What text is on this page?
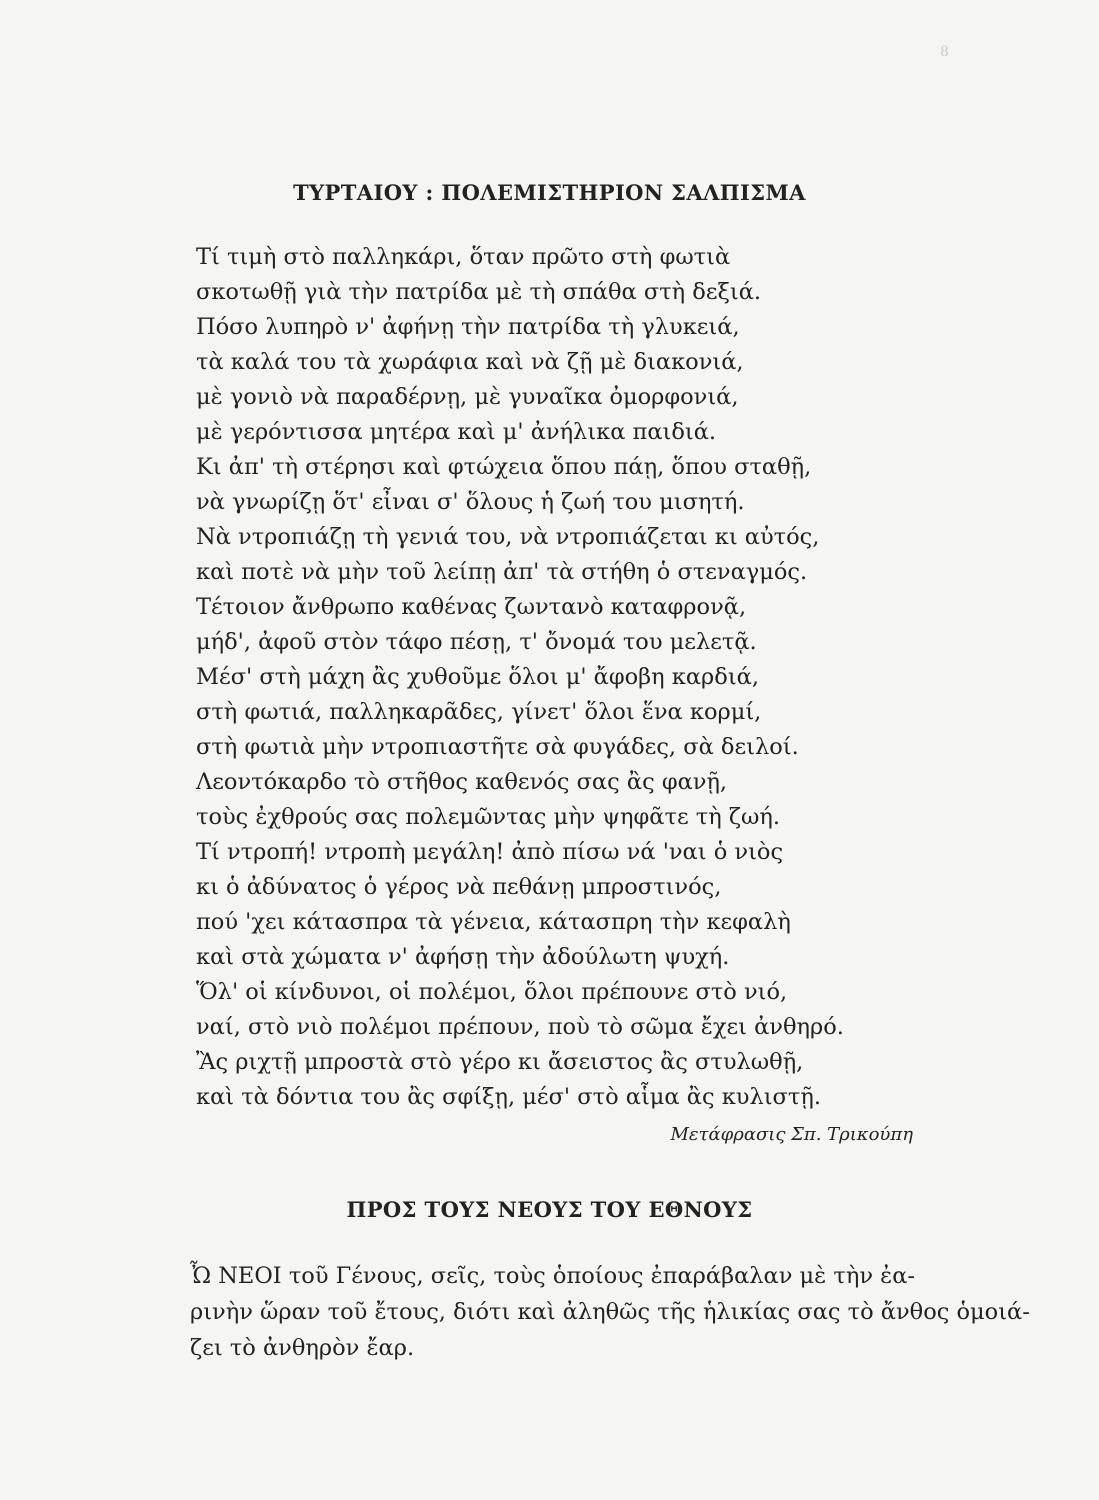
8
ΤΥΡΤΑΙΟΥ : ΠΟΛΕΜΙΣΤΗΡΙΟΝ ΣΑΛΠΙΣΜΑ
Τί τιμὴ στὸ παλληκάρι, ὅταν πρῶτο στὴ φωτιὰ
σκοτωθῇ γιὰ τὴν πατρίδα μὲ τὴ σπάθα στὴ δεξιά.
Πόσο λυπηρὸ ν' ἀφήνῃ τὴν πατρίδα τὴ γλυκειά,
τὰ καλά του τὰ χωράφια καὶ νὰ ζῇ μὲ διακονιά,
μὲ γονιὸ νὰ παραδέρνῃ, μὲ γυναῖκα ὀμορφονιά,
μὲ γερόντισσα μητέρα καὶ μ' ἀνήλικα παιδιά.
Κι ἀπ' τὴ στέρησι καὶ φτώχεια ὅπου πάῃ, ὅπου σταθῇ,
νὰ γνωρίζῃ ὅτ' εἶναι σ' ὅλους ἡ ζωή του μισητή.
Νὰ ντροπιάζῃ τὴ γενιά του, νὰ ντροπιάζεται κι αὐτός,
καὶ ποτὲ νὰ μὴν τοῦ λείπῃ ἀπ' τὰ στήθη ὁ στεναγμός.
Τέτοιον ἄνθρωπο καθένας ζωντανὸ καταφρονᾷ,
μήδ', ἀφοῦ στὸν τάφο πέσῃ, τ' ὄνομά του μελετᾷ.
Μέσ' στὴ μάχη ἂς χυθοῦμε ὅλοι μ' ἄφοβη καρδιά,
στὴ φωτιά, παλληκαρᾶδες, γίνετ' ὅλοι ἕνα κορμί,
στὴ φωτιὰ μὴν ντροπιαστῆτε σὰ φυγάδες, σὰ δειλοί.
Λεοντόκαρδο τὸ στῆθος καθενός σας ἂς φανῇ,
τοὺς ἐχθρούς σας πολεμῶντας μὴν ψηφᾶτε τὴ ζωή.
Τί ντροπή! ντροπὴ μεγάλη! ἀπὸ πίσω νά 'ναι ὁ νιὸς
κι ὁ ἀδύνατος ὁ γέρος νὰ πεθάνῃ μπροστινός,
πού 'χει κάτασπρα τὰ γένεια, κάτασπρη τὴν κεφαλὴ
καὶ στὰ χώματα ν' ἀφήσῃ τὴν ἀδούλωτη ψυχή.
Ὅλ' οἱ κίνδυνοι, οἱ πολέμοι, ὅλοι πρέπουνε στὸ νιό,
ναί, στὸ νιὸ πολέμοι πρέπουν, ποὺ τὸ σῶμα ἔχει ἀνθηρό.
Ἂς ριχτῇ μπροστὰ στὸ γέρο κι ἄσειστος ἂς στυλωθῇ,
καὶ τὰ δόντια του ἂς σφίξῃ, μέσ' στὸ αἷμα ἂς κυλιστῇ.
Μετάφρασις Σπ. Τρικούπη
ΠΡΟΣ ΤΟΥΣ ΝΕΟΥΣ ΤΟΥ ΕΘΝΟΥΣ
Ὦ ΝΕΟΙ τοῦ Γένους, σεῖς, τοὺς ὁποίους ἐπαράβαλαν μὲ τὴν ἐα-
ρινὴν ὥραν τοῦ ἔτους, διότι καὶ ἀληθῶς τῆς ἡλικίας σας τὸ ἄνθος ὁμοιά-
ζει τὸ ἀνθηρὸν ἔαρ.
